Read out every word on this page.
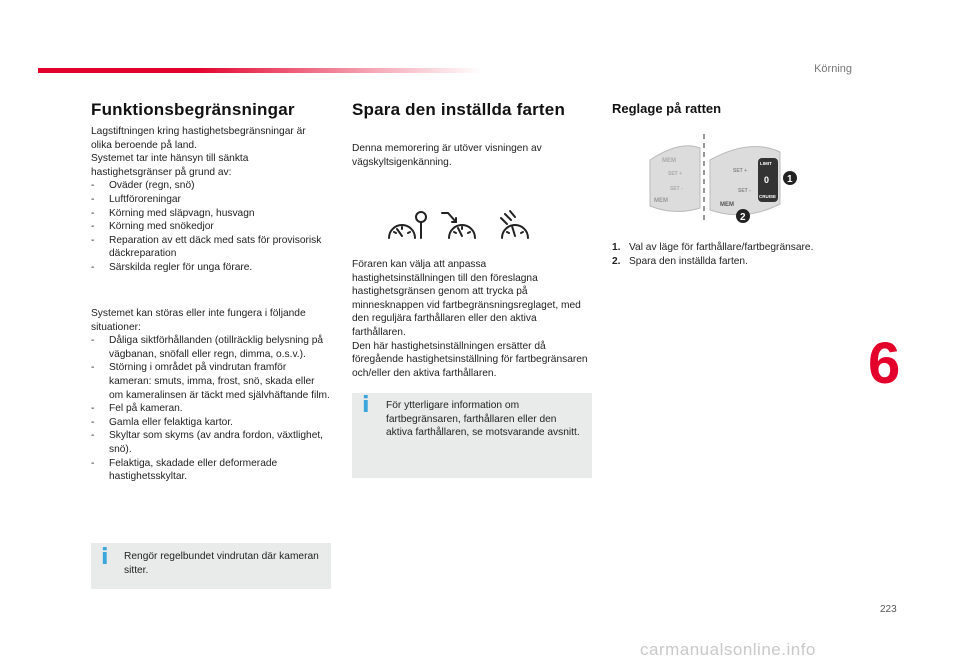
Körning
Funktionsbegränsningar

Lagstiftningen kring hastighetsbegränsningar är olika beroende på land.

Systemet tar inte hänsyn till sänkta hastighetsgränser på grund av:

- Oväder (regn, snö)
- Luftföroreningar
- Körning med släpvagn, husvagn
- Körning med snökedjor
- Reparation av ett däck med sats för provisorisk däckreparation
- Särskilda regler för unga förare.

Systemet kan störas eller inte fungera i följande situationer:

- Dåliga siktförhållanden (otillräcklig belysning på vägbanan, snöfall eller regn, dimma, o.s.v.).
- Störning i området på vindrutan framför kameran: smuts, imma, frost, snö, skada eller om kameralinsen är täckt med självhäftande film.
- Fel på kameran.
- Gamla eller felaktiga kartor.
- Skyltar som skyms (av andra fordon, växtlighet, snö).
- Felaktiga, skadade eller deformerade hastighetsskyltar.
i Rengör regelbundet vindrutan där kameran sitter.
Spara den inställda farten
Denna memorering är utöver visningen av vägskyltsigenkänning.

Föraren kan välja att anpassa hastighetsinställningen till den föreslagna hastighetsgränsen genom att trycka på minnesknappen vid fartbegränsningsreglaget, med den reguljära farthållaren eller den aktiva farthållaren.

Den här hastighetsinställningen ersätter då föregående hastighetsinställning för fartbegränsaren och/eller den aktiva farthållaren.

i För ytterligare information om fartbegränsaren, farthållaren eller den aktiva farthållaren, se motsvarande avsnitt.
Reglage på ratten
MEM
SET +
SET -
MEM
LIMIT
SET +
SET -
CRUISE
MEM
0 1
2
1. Val av läge för farthållare/fartbegränsare.
2. Spara den inställda farten.
6
223
carmanualsonline.info
